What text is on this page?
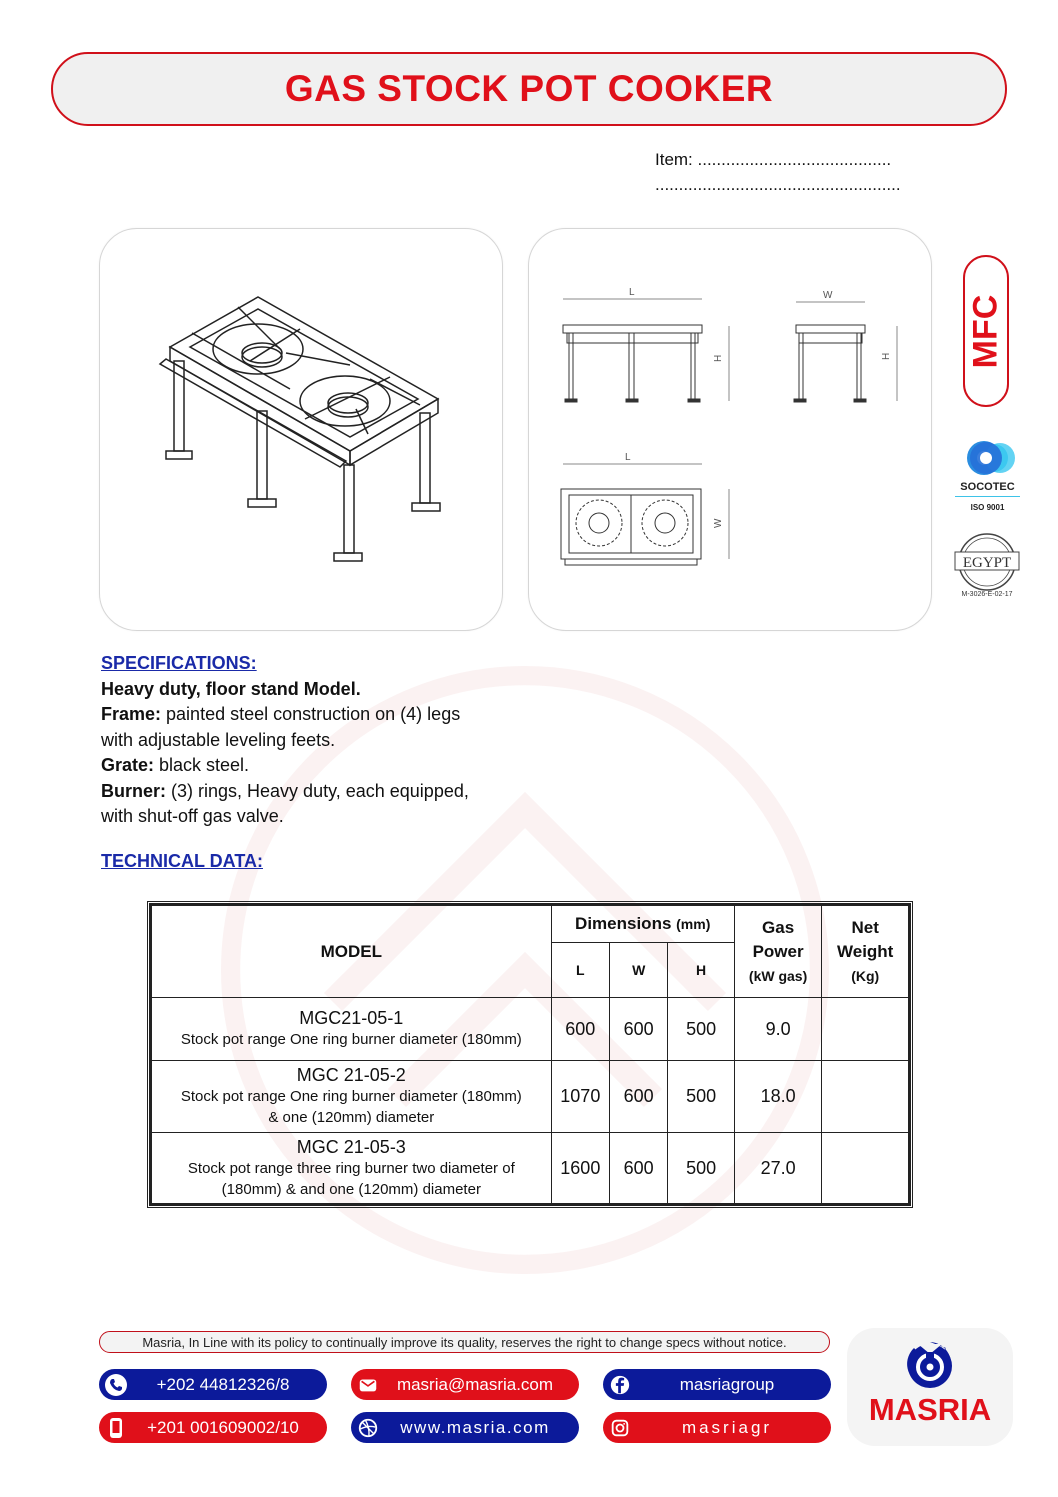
GAS STOCK POT COOKER
Item: .........................................
....................................................
L
H
W
H
L
W
MFC
SOCOTEC
ISO 9001
EGYPT
M-3026-E-02-17
SPECIFICATIONS:
Heavy duty, floor stand Model.
Frame: painted steel construction on (4) legs
with adjustable leveling feets.
Grate: black steel.
Burner: (3) rings, Heavy duty, each equipped,
with shut-off gas valve.
TECHNICAL DATA:
MODEL	Dimensions (mm)			Gas
Power
(kW gas)	Net
Weight
(Kg)
	L	W	H		

MGC21-05-1
Stock pot range One ring burner diameter (180mm)	600	600	500	9.0	

MGC 21-05-2
Stock pot range One ring burner diameter (180mm)
& one (120mm) diameter	1070	600	500	18.0	

MGC 21-05-3
Stock pot range three ring burner two diameter of
(180mm) & and one (120mm) diameter	1600	600	500	27.0	
Masria, In Line with its policy to continually improve its quality, reserves the right to change specs without notice.
+202 44812326/8
+201 001609002/10
masria@masria.com
www.masria.com
masriagroup
masriagr	MASRIA
